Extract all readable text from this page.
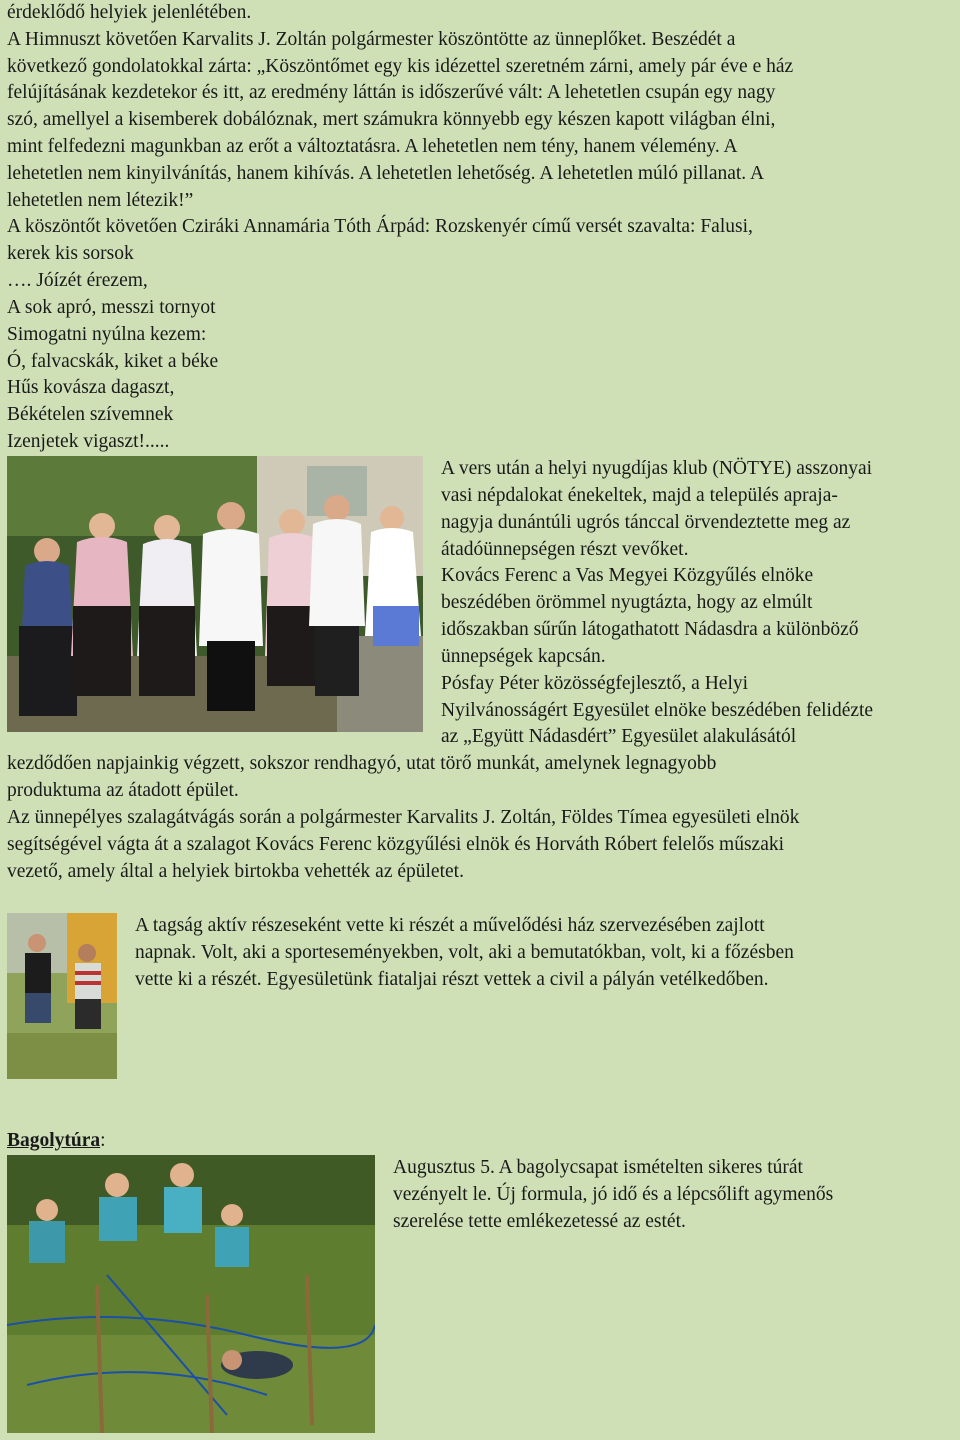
érdeklődő helyiek jelenlétében.
A Himnuszt követően Karvalits J. Zoltán polgármester köszöntötte az ünneplőket. Beszédét a
következő gondolatokkal zárta: „Köszöntőmet egy kis idézettel szeretném zárni, amely pár éve e ház
felújításának kezdetekor és itt, az eredmény láttán is időszerűvé vált: A lehetetlen csupán egy nagy
szó, amellyel a kisemberek dobálóznak, mert számukra könnyebb egy készen kapott világban élni,
mint felfedezni magunkban az erőt a változtatásra. A lehetetlen nem tény, hanem vélemény. A
lehetetlen nem kinyilvánítás, hanem kihívás. A lehetetlen lehetőség. A lehetetlen múló pillanat. A
lehetetlen nem létezik!”
A köszöntőt követően Cziráki Annamária Tóth Árpád: Rozskenyér című versét szavalta: Falusi,
kerek kis sorsok
…. Jóízét érezem,
A sok apró, messzi tornyot
Simogatni nyúlna kezem:
Ó, falvacskák, kiket a béke
Hűs kovásza dagaszt,
Békételen szívemnek
Izenjetek vigaszt!.....
A vers után a helyi nyugdíjas klub (NÖTYE) asszonyai
vasi népdalokat énekeltek, majd a település apraja-
nagyja dunántúli ugrós tánccal örvendeztette meg az
átadóünnepségen részt vevőket.
Kovács Ferenc a Vas Megyei Közgyűlés elnöke
beszédében örömmel nyugtázta, hogy az elmúlt
időszakban sűrűn látogathatott Nádasdra a különböző
ünnepségek kapcsán.
Pósfay Péter közösségfejlesztő, a Helyi
Nyilvánosságért Egyesület elnöke beszédében felidézte
az „Együtt Nádasdért” Egyesület alakulásától
kezdődően napjainkig végzett, sokszor rendhagyó, utat törő munkát, amelynek legnagyobb
produktuma az átadott épület.
Az ünnepélyes szalagátvágás során a polgármester Karvalits J. Zoltán, Földes Tímea egyesületi elnök
segítségével vágta át a szalagot Kovács Ferenc közgyűlési elnök és Horváth Róbert felelős műszaki
vezető, amely által a helyiek birtokba vehették az épületet.
A tagság aktív részeseként vette ki részét a művelődési ház szervezésében zajlott
napnak. Volt, aki a sporteseményekben, volt, aki a bemutatókban, volt, ki a főzésben
vette ki a részét. Egyesületünk fiataljai részt vettek a civil a pályán vetélkedőben.
Bagolytúra:
Augusztus 5. A bagolycsapat ismételten sikeres túrát
vezényelt le. Új formula, jó idő és a lépcsőlift agymenős
szerelése tette emlékezetessé az estét.
